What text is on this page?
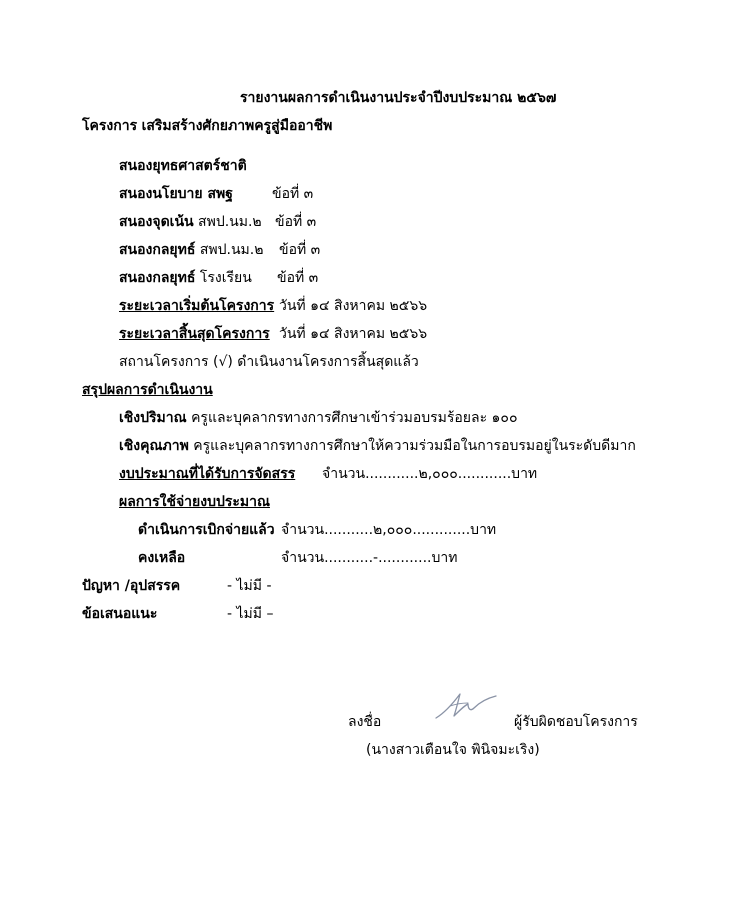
รายงานผลการดำเนินงานประจำปีงบประมาณ ๒๕๖๗
โครงการ เสริมสร้างศักยภาพครูสู่มืออาชีพ
สนองยุทธศาสตร์ชาติ
สนองนโยบาย สพฐ	ข้อที่ ๓
สนองจุดเน้น สพป.นม.๒ ข้อที่ ๓
สนองกลยุทธ์ สพป.นม.๒ ข้อที่ ๓
สนองกลยุทธ์ โรงเรียน ข้อที่ ๓
ระยะเวลาเริ่มต้นโครงการ วันที่ ๑๔ สิงหาคม ๒๕๖๖
ระยะเวลาสิ้นสุดโครงการ วันที่ ๑๔ สิงหาคม ๒๕๖๖
สถานโครงการ (√) ดำเนินงานโครงการสิ้นสุดแล้ว
สรุปผลการดำเนินงาน
เชิงปริมาณ ครูและบุคลากรทางการศึกษาเข้าร่วมอบรมร้อยละ ๑๐๐
เชิงคุณภาพ ครูและบุคลากรทางการศึกษาให้ความร่วมมือในการอบรมอยู่ในระดับดีมาก
งบประมาณที่ได้รับการจัดสรร จำนวน............๒,๐๐๐............บาท
ผลการใช้จ่ายงบประมาณ
ดำเนินการเบิกจ่ายแล้ว จำนวน...........๒,๐๐๐.............บาท
คงเหลือ	จำนวน...........-............บาท
ปัญหา /อุปสรรค	- ไม่มี -
ข้อเสนอแนะ	- ไม่มี –
ลงชื่อ	ผู้รับผิดชอบโครงการ
(นางสาวเตือนใจ พินิจมะเริง)
